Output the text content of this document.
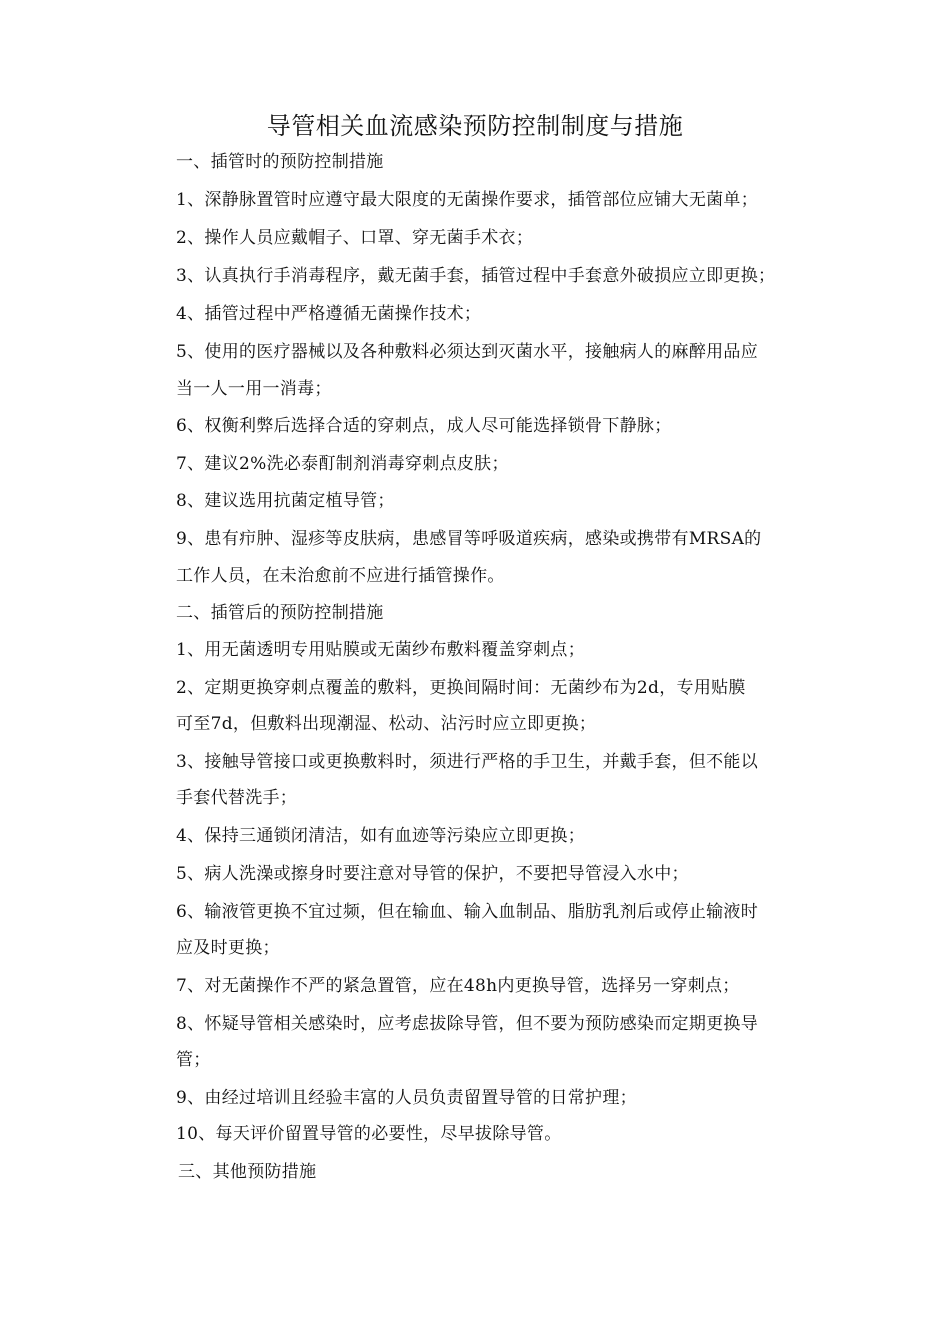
导管相关血流感染预防控制制度与措施
一、插管时的预防控制措施
1、深静脉置管时应遵守最大限度的无菌操作要求，插管部位应铺大无菌单；
2、操作人员应戴帽子、口罩、穿无菌手术衣；
3、认真执行手消毒程序，戴无菌手套，插管过程中手套意外破损应立即更换；
4、插管过程中严格遵循无菌操作技术；
5、使用的医疗器械以及各种敷料必须达到灭菌水平，接触病人的麻醉用品应
当一人一用一消毒；
6、权衡利弊后选择合适的穿刺点，成人尽可能选择锁骨下静脉；
7、建议2%洗必泰酊制剂消毒穿刺点皮肤；
8、建议选用抗菌定植导管；
9、患有疖肿、湿疹等皮肤病，患感冒等呼吸道疾病，感染或携带有MRSA的
工作人员，在未治愈前不应进行插管操作。
二、插管后的预防控制措施
1、用无菌透明专用贴膜或无菌纱布敷料覆盖穿刺点；
2、定期更换穿刺点覆盖的敷料，更换间隔时间：无菌纱布为2d，专用贴膜
可至7d，但敷料出现潮湿、松动、沾污时应立即更换；
3、接触导管接口或更换敷料时，须进行严格的手卫生，并戴手套，但不能以
手套代替洗手；
4、保持三通锁闭清洁，如有血迹等污染应立即更换；
5、病人洗澡或擦身时要注意对导管的保护，不要把导管浸入水中；
6、输液管更换不宜过频，但在输血、输入血制品、脂肪乳剂后或停止输液时
应及时更换；
7、对无菌操作不严的紧急置管，应在48h内更换导管，选择另一穿刺点；
8、怀疑导管相关感染时，应考虑拔除导管，但不要为预防感染而定期更换导
管；
9、由经过培训且经验丰富的人员负责留置导管的日常护理；
10、每天评价留置导管的必要性，尽早拔除导管。
三、其他预防措施
